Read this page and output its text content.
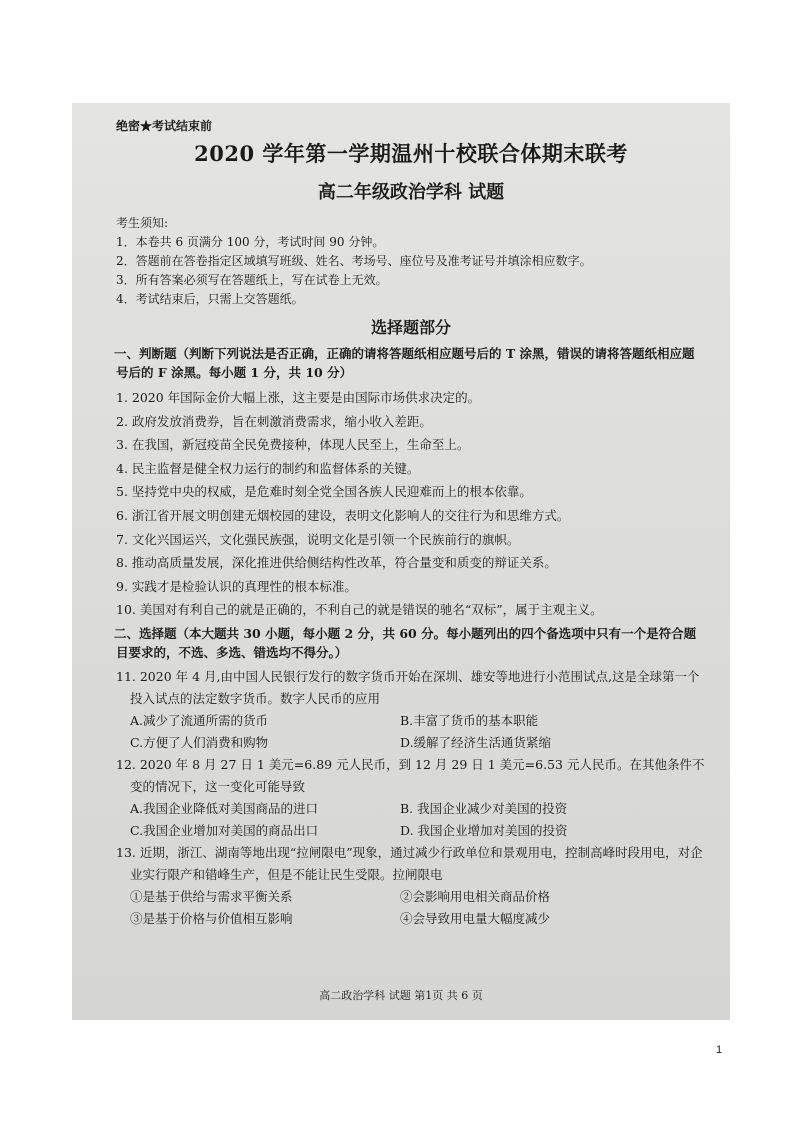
绝密★考试结束前
2020 学年第一学期温州十校联合体期末联考
高二年级政治学科 试题
考生须知:
1．本卷共 6 页满分 100 分，考试时间 90 分钟。
2．答题前在答卷指定区域填写班级、姓名、考场号、座位号及准考证号并填涂相应数字。
3．所有答案必须写在答题纸上，写在试卷上无效。
4．考试结束后，只需上交答题纸。
选择题部分
一、判断题（判断下列说法是否正确，正确的请将答题纸相应题号后的 T 涂黑，错误的请将答题纸相应题号后的 F 涂黑。每小题 1 分，共 10 分）
1. 2020 年国际金价大幅上涨，这主要是由国际市场供求决定的。
2. 政府发放消费券，旨在刺激消费需求，缩小收入差距。
3. 在我国，新冠疫苗全民免费接种，体现人民至上，生命至上。
4. 民主监督是健全权力运行的制约和监督体系的关键。
5. 坚持党中央的权威，是危难时刻全党全国各族人民迎难而上的根本依靠。
6. 浙江省开展文明创建无烟校园的建设，表明文化影响人的交往行为和思维方式。
7. 文化兴国运兴，文化强民族强，说明文化是引领一个民族前行的旗帜。
8. 推动高质量发展，深化推进供给侧结构性改革，符合量变和质变的辩证关系。
9. 实践才是检验认识的真理性的根本标准。
10. 美国对有利自己的就是正确的，不利自己的就是错误的驰名“双标”，属于主观主义。
二、选择题（本大题共 30 小题，每小题 2 分，共 60 分。每小题列出的四个备选项中只有一个是符合题目要求的，不选、多选、错选均不得分。）
11. 2020 年 4 月,由中国人民银行发行的数字货币开始在深圳、雄安等地进行小范围试点,这是全球第一个投入试点的法定数字货币。数字人民币的应用
A.减少了流通所需的货币	B.丰富了货币的基本职能
C.方便了人们消费和购物	D.缓解了经济生活通货紧缩
12. 2020 年 8 月 27 日 1 美元=6.89 元人民币，到 12 月 29 日 1 美元=6.53 元人民币。在其他条件不变的情况下，这一变化可能导致
A.我国企业降低对美国商品的进口	B. 我国企业减少对美国的投资
C.我国企业增加对美国的商品出口	D. 我国企业增加对美国的投资
13. 近期，浙江、湖南等地出现“拉闸限电”现象，通过减少行政单位和景观用电，控制高峰时段用电，对企业实行限产和错峰生产，但是不能让民生受限。拉闸限电
①是基于供给与需求平衡关系	②会影响用电相关商品价格
③是基于价格与价值相互影响	④会导致用电量大幅度减少
高二政治学科 试题 第1页 共 6 页
1
